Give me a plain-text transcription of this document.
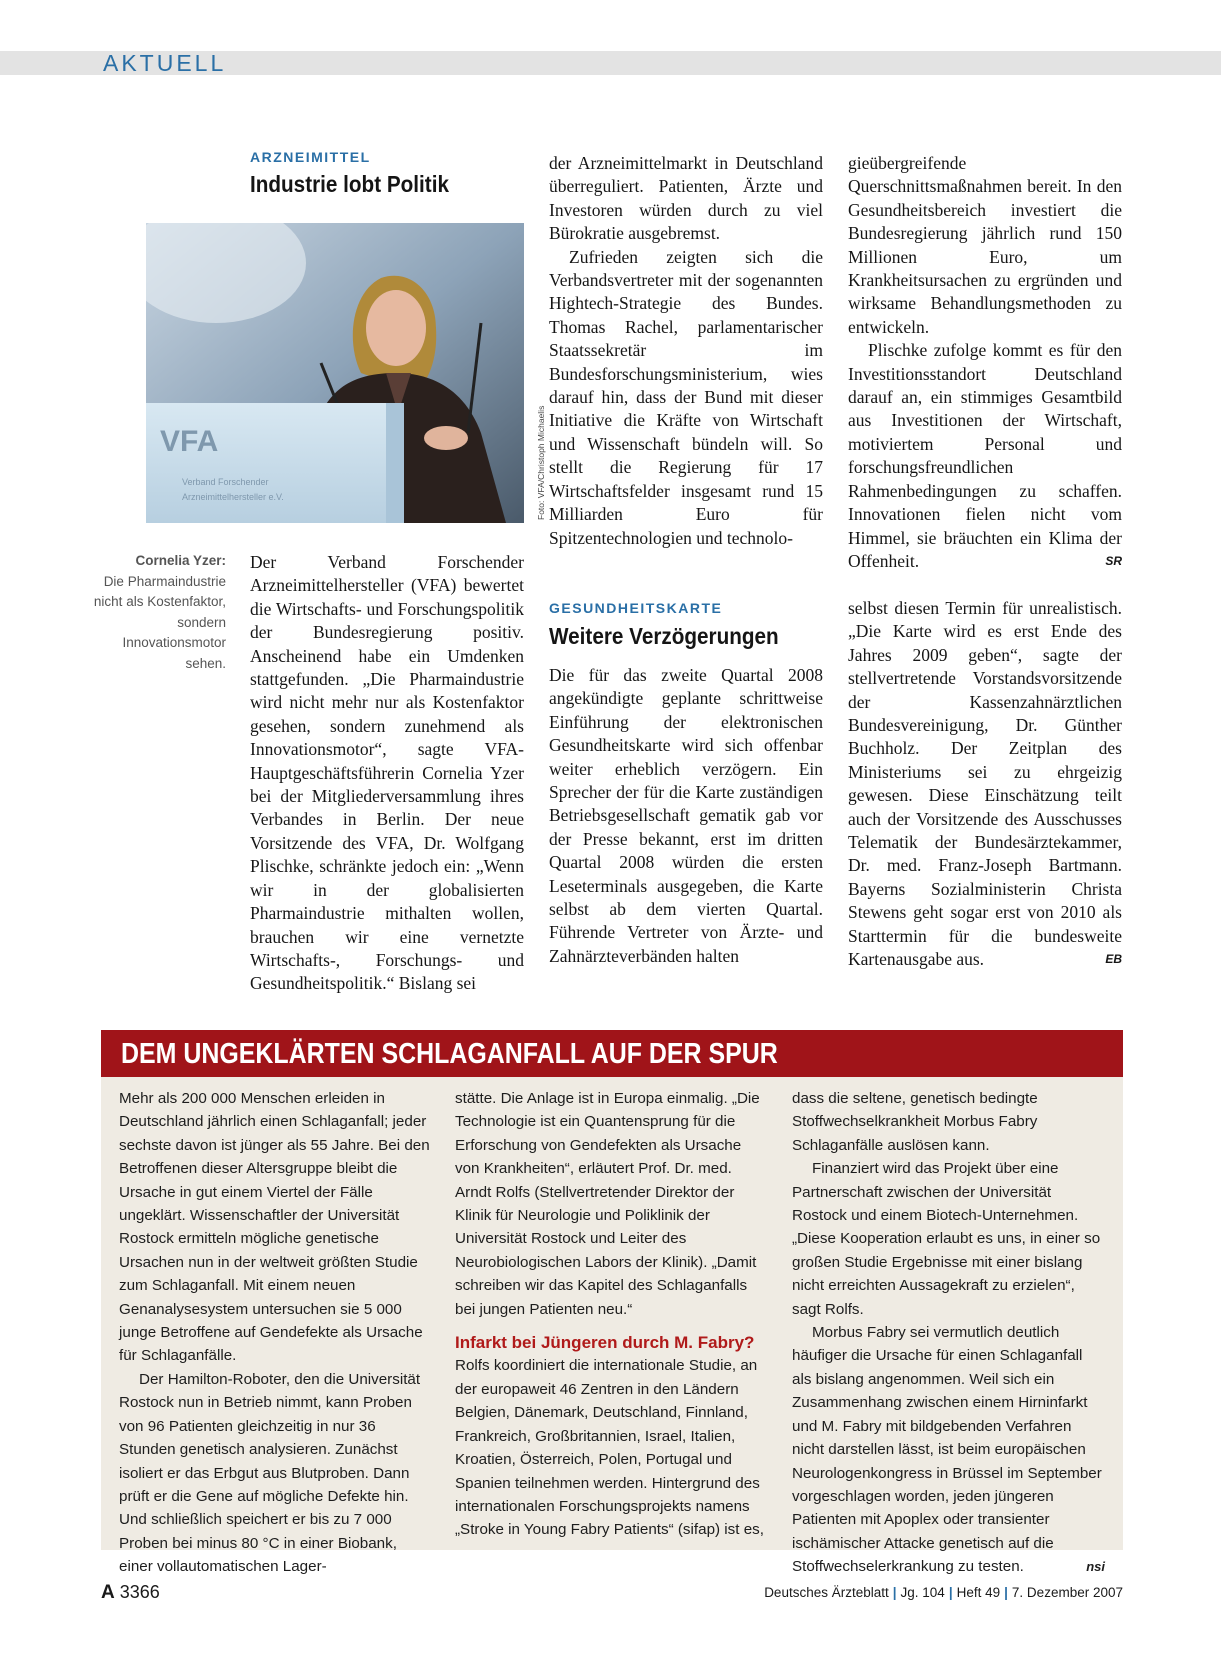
AKTUELL
ARZNEIMITTEL
Industrie lobt Politik
VFA
Verband Forschender
Arzneimittelhersteller e.V.	Foto: VFA/Christoph Michaelis
Cornelia Yzer:
Die Pharmaindustrie nicht als Kostenfaktor, sondern Innovationsmotor sehen.

Der Verband Forschender Arzneimittelhersteller (VFA) bewertet die Wirtschafts- und Forschungspolitik der Bundesregierung positiv. Anscheinend habe ein Umdenken stattgefunden. „Die Pharmaindustrie wird nicht mehr nur als Kostenfaktor gesehen, sondern zunehmend als Innovationsmotor“, sagte VFA-Hauptgeschäftsführerin Cornelia Yzer bei der Mitgliederversammlung ihres Verbandes in Berlin. Der neue Vorsitzende des VFA, Dr. Wolfgang Plischke, schränkte jedoch ein: „Wenn wir in der globalisierten Pharmaindustrie mithalten wollen, brauchen wir eine vernetzte Wirtschafts-, Forschungs- und Gesundheitspolitik.“ Bislang sei

der Arzneimittelmarkt in Deutschland überreguliert. Patienten, Ärzte und Investoren würden durch zu viel Bürokratie ausgebremst.

Zufrieden zeigten sich die Verbandsvertreter mit der sogenannten Hightech-Strategie des Bundes. Thomas Rachel, parlamentarischer Staatssekretär im Bundesforschungsministerium, wies darauf hin, dass der Bund mit dieser Initiative die Kräfte von Wirtschaft und Wissenschaft bündeln will. So stellt die Regierung für 17 Wirtschaftsfelder insgesamt rund 15 Milliarden Euro für Spitzentechnologien und technolo-

gieübergreifende Querschnittsmaßnahmen bereit. In den Gesundheitsbereich investiert die Bundesregierung jährlich rund 150 Millionen Euro, um Krankheitsursachen zu ergründen und wirksame Behandlungsmethoden zu entwickeln.

Plischke zufolge kommt es für den Investitionsstandort Deutschland darauf an, ein stimmiges Gesamtbild aus Investitionen der Wirtschaft, motiviertem Personal und forschungsfreundlichen Rahmenbedingungen zu schaffen. Innovationen fielen nicht vom Himmel, sie bräuchten ein Klima der Offenheit.	SR

GESUNDHEITSKARTE
Weitere Verzögerungen

Die für das zweite Quartal 2008 angekündigte geplante schrittweise Einführung der elektronischen Gesundheitskarte wird sich offenbar weiter erheblich verzögern. Ein Sprecher der für die Karte zuständigen Betriebsgesellschaft gematik gab vor der Presse bekannt, erst im dritten Quartal 2008 würden die ersten Leseterminals ausgegeben, die Karte selbst ab dem vierten Quartal. Führende Vertreter von Ärzte- und Zahnärzteverbänden halten

selbst diesen Termin für unrealistisch. „Die Karte wird es erst Ende des Jahres 2009 geben“, sagte der stellvertretende Vorstandsvorsitzende der Kassenzahnärztlichen Bundesvereinigung, Dr. Günther Buchholz. Der Zeitplan des Ministeriums sei zu ehrgeizig gewesen. Diese Einschätzung teilt auch der Vorsitzende des Ausschusses Telematik der Bundesärztekammer, Dr. med. Franz-Joseph Bartmann. Bayerns Sozialministerin Christa Stewens geht sogar erst von 2010 als Starttermin für die bundesweite Kartenausgabe aus.	EB

DEM UNGEKLÄRTEN SCHLAGANFALL AUF DER SPUR

Mehr als 200 000 Menschen erleiden in Deutschland jährlich einen Schlaganfall; jeder sechste davon ist jünger als 55 Jahre. Bei den Betroffenen dieser Altersgruppe bleibt die Ursache in gut einem Viertel der Fälle ungeklärt. Wissenschaftler der Universität Rostock ermitteln mögliche genetische Ursachen nun in der weltweit größten Studie zum Schlaganfall. Mit einem neuen Genanalysesystem untersuchen sie 5 000 junge Betroffene auf Gendefekte als Ursache für Schlaganfälle.

Der Hamilton-Roboter, den die Universität Rostock nun in Betrieb nimmt, kann Proben von 96 Patienten gleichzeitig in nur 36 Stunden genetisch analysieren. Zunächst isoliert er das Erbgut aus Blutproben. Dann prüft er die Gene auf mögliche Defekte hin. Und schließlich speichert er bis zu 7 000 Proben bei minus 80 °C in einer Biobank, einer vollautomatischen Lager-

stätte. Die Anlage ist in Europa einmalig. „Die Technologie ist ein Quantensprung für die Erforschung von Gendefekten als Ursache von Krankheiten“, erläutert Prof. Dr. med. Arndt Rolfs (Stellvertretender Direktor der Klinik für Neurologie und Poliklinik der Universität Rostock und Leiter des Neurobiologischen Labors der Klinik). „Damit schreiben wir das Kapitel des Schlaganfalls bei jungen Patienten neu.“

Infarkt bei Jüngeren durch M. Fabry?

Rolfs koordiniert die internationale Studie, an der europaweit 46 Zentren in den Ländern Belgien, Dänemark, Deutschland, Finnland, Frankreich, Großbritannien, Israel, Italien, Kroatien, Österreich, Polen, Portugal und Spanien teilnehmen werden. Hintergrund des internationalen Forschungsprojekts namens „Stroke in Young Fabry Patients“ (sifap) ist es,

dass die seltene, genetisch bedingte Stoffwechselkrankheit Morbus Fabry Schlaganfälle auslösen kann.

Finanziert wird das Projekt über eine Partnerschaft zwischen der Universität Rostock und einem Biotech-Unternehmen. „Diese Kooperation erlaubt es uns, in einer so großen Studie Ergebnisse mit einer bislang nicht erreichten Aussagekraft zu erzielen“, sagt Rolfs.

Morbus Fabry sei vermutlich deutlich häufiger die Ursache für einen Schlaganfall als bislang angenommen. Weil sich ein Zusammenhang zwischen einem Hirninfarkt und M. Fabry mit bildgebenden Verfahren nicht darstellen lässt, ist beim europäischen Neurologenkongress in Brüssel im September vorgeschlagen worden, jeden jüngeren Patienten mit Apoplex oder transienter ischämischer Attacke genetisch auf die Stoffwechselerkrankung zu testen.	nsi

A 3366	Deutsches Ärzteblatt | Jg. 104 | Heft 49 | 7. Dezember 2007
